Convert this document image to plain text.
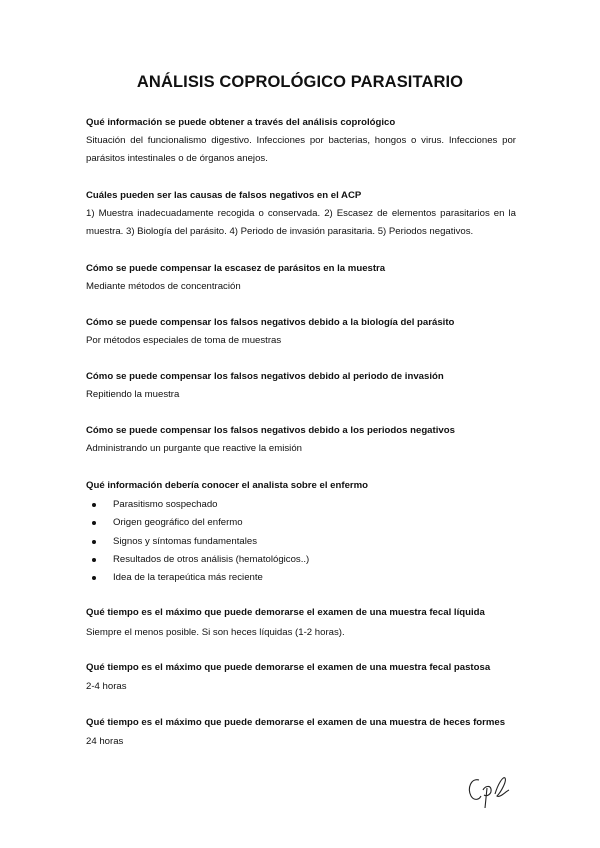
ANÁLISIS COPROLÓGICO PARASITARIO
Qué información se puede obtener a través del análisis coprológico
Situación del funcionalismo digestivo. Infecciones por bacterias, hongos o virus. Infecciones por parásitos intestinales o de órganos anejos.
Cuáles pueden ser las causas de falsos negativos en el ACP
1) Muestra inadecuadamente recogida o conservada. 2) Escasez de elementos parasitarios en la muestra. 3) Biología del parásito. 4) Periodo de invasión parasitaria. 5) Periodos negativos.
Cómo se puede compensar la escasez de parásitos en la muestra
Mediante métodos de concentración
Cómo se puede compensar los falsos negativos debido a la biología del parásito
Por métodos especiales de toma de muestras
Cómo se puede compensar los falsos negativos debido al periodo de invasión
Repitiendo la muestra
Cómo se puede compensar los falsos negativos debido a los periodos negativos
Administrando un purgante que reactive la emisión
Qué información debería conocer el analista sobre el enfermo
Parasitismo sospechado
Origen geográfico del enfermo
Signos y síntomas fundamentales
Resultados de otros análisis (hematológicos..)
Idea de la terapeútica más reciente
Qué tiempo es el máximo que puede demorarse el examen de una muestra fecal líquida
Siempre el menos posible. Si son heces líquidas (1-2 horas).
Qué tiempo es el máximo que puede demorarse el examen de una muestra fecal pastosa
2-4 horas
Qué tiempo es el máximo que puede demorarse el examen de una muestra de heces formes
24 horas
